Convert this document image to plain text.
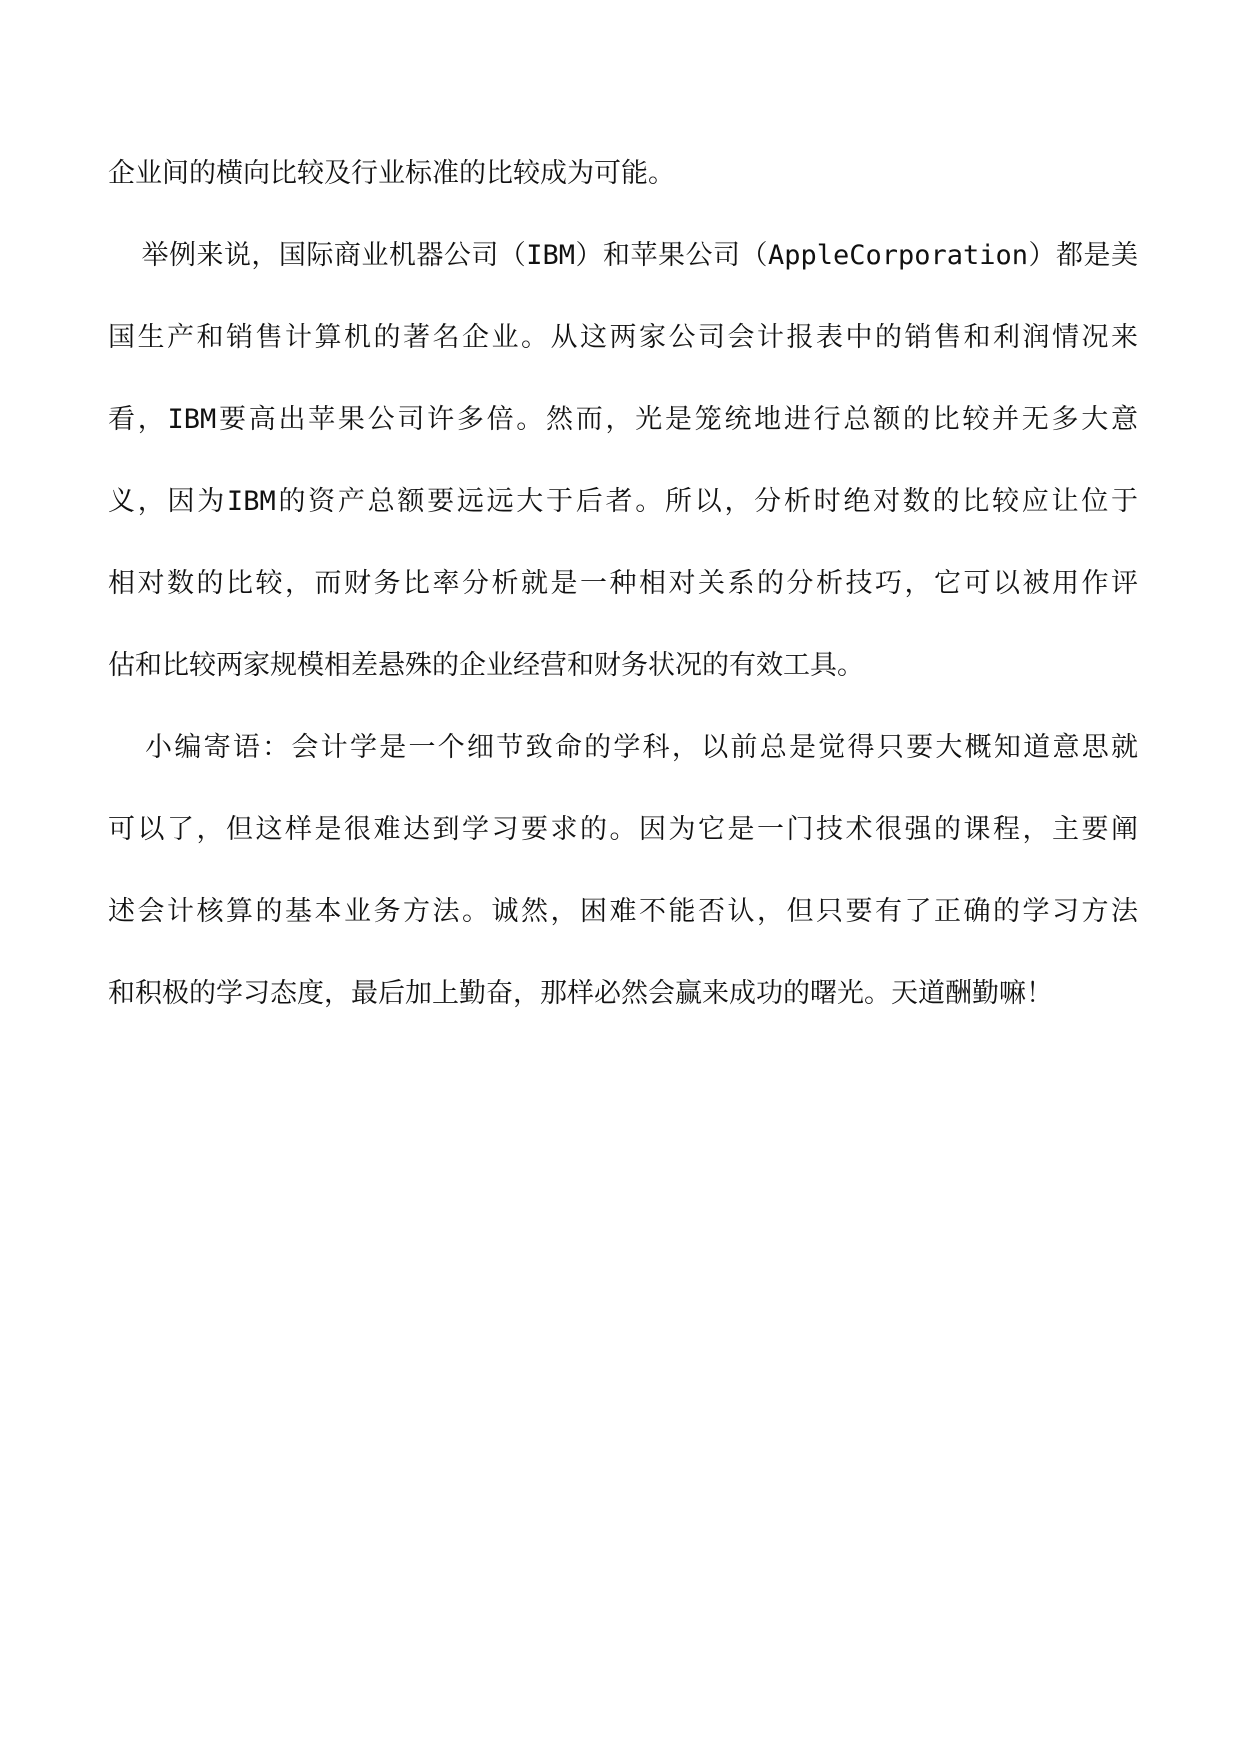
企业间的横向比较及行业标准的比较成为可能。
举例来说，国际商业机器公司（IBM）和苹果公司（AppleCorporation）都是美
国生产和销售计算机的著名企业。从这两家公司会计报表中的销售和利润情况来
看，IBM要高出苹果公司许多倍。然而，光是笼统地进行总额的比较并无多大意
义，因为IBM的资产总额要远远大于后者。所以，分析时绝对数的比较应让位于
相对数的比较，而财务比率分析就是一种相对关系的分析技巧，它可以被用作评
估和比较两家规模相差悬殊的企业经营和财务状况的有效工具。
小编寄语：会计学是一个细节致命的学科，以前总是觉得只要大概知道意思就
可以了，但这样是很难达到学习要求的。因为它是一门技术很强的课程，主要阐
述会计核算的基本业务方法。诚然，困难不能否认，但只要有了正确的学习方法
和积极的学习态度，最后加上勤奋，那样必然会赢来成功的曙光。天道酬勤嘛！
